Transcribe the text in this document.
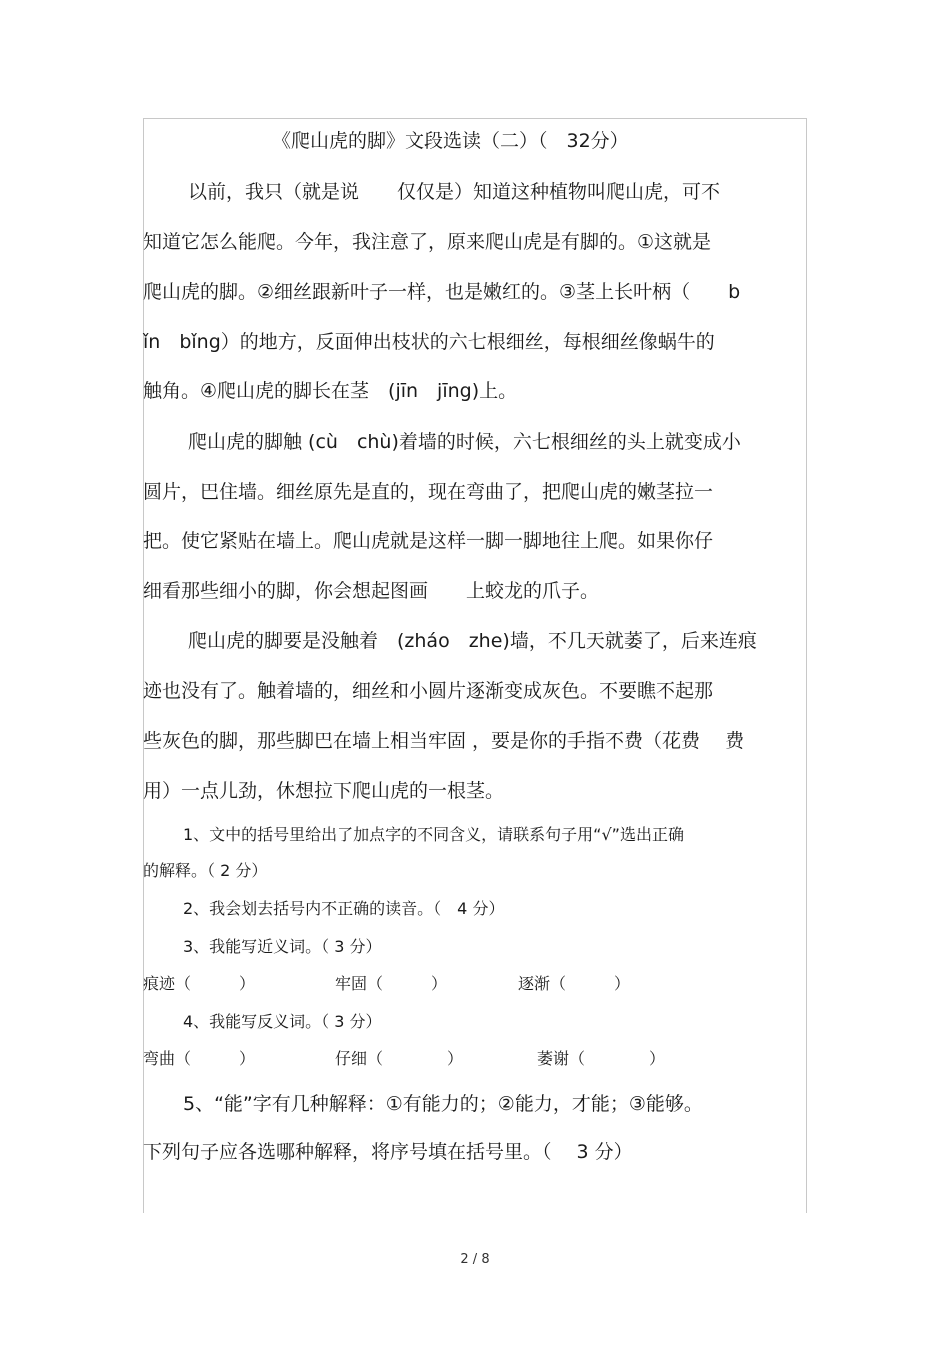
《爬山虎的脚》文段选读（二）（　32分）
以前，我只（就是说　　仅仅是）知道这种植物叫爬山虎，可不
知道它怎么能爬。今年，我注意了，原来爬山虎是有脚的。①这就是
爬山虎的脚。②细丝跟新叶子一样，也是嫩红的。③茎上长叶柄（　　b
ǐn　bǐng）的地方，反面伸出枝状的六七根细丝，每根细丝像蜗牛的
触角。④爬山虎的脚长在茎　(jīn　jīng)上。
爬山虎的脚触 (cù　chù)着墙的时候，六七根细丝的头上就变成小
圆片，巴住墙。细丝原先是直的，现在弯曲了，把爬山虎的嫩茎拉一
把。使它紧贴在墙上。爬山虎就是这样一脚一脚地往上爬。如果你仔
细看那些细小的脚，你会想起图画　　上蛟龙的爪子。
爬山虎的脚要是没触着　(zháo　zhe)墙，不几天就萎了，后来连痕
迹也没有了。触着墙的，细丝和小圆片逐渐变成灰色。不要瞧不起那
些灰色的脚，那些脚巴在墙上相当牢固 ，要是你的手指不费（花费　 费
用）一点儿劲，休想拉下爬山虎的一根茎。
1、文中的括号里给出了加点字的不同含义，请联系句子用“√”选出正确
的解释。（ 2 分）
2、我会划去括号内不正确的读音。（　4 分）
3、我能写近义词。（ 3 分）
痕迹（　　　）	牢固（　　　）	逐渐（　　　）
4、我能写反义词。（ 3 分）
弯曲（　　　）	仔细（　　　　）	萎谢（　　　　）
5、“能”字有几种解释：①有能力的；②能力，才能；③能够。
下列句子应各选哪种解释，将序号填在括号里。（　 3 分）
2 / 8
